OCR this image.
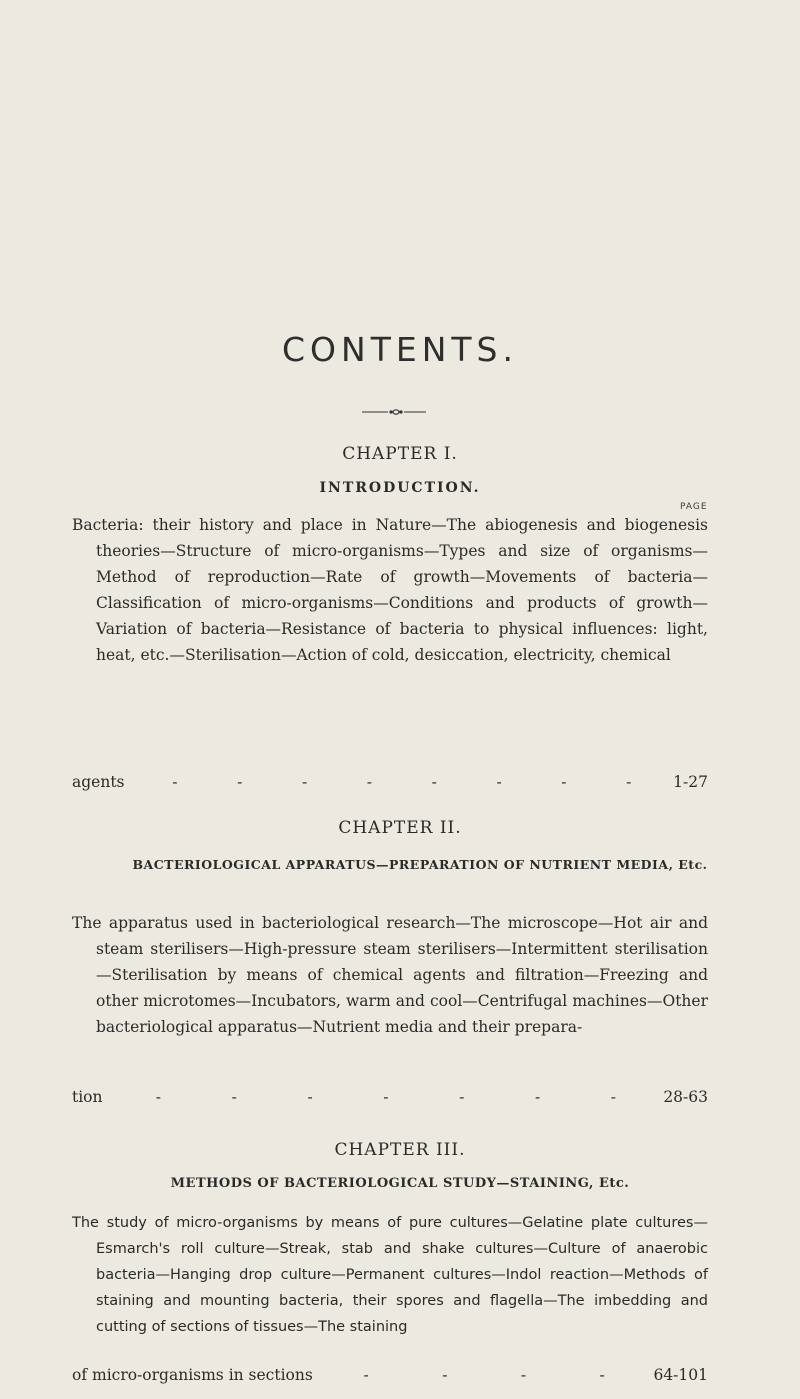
CONTENTS.
CHAPTER I.
INTRODUCTION.
PAGE
Bacteria: their history and place in Nature—The abiogenesis and biogenesis theories—Structure of micro-organisms—Types and size of organisms—Method of reproduction—Rate of growth—Movements of bacteria—Classification of micro-organisms—Conditions and products of growth—Variation of bacteria—Resistance of bacteria to physical influences: light, heat, etc.—Sterilisation—Action of cold, desiccation, electricity, chemical
agents	-	-	-	-	-	-	-	-	1-27
CHAPTER II.
BACTERIOLOGICAL APPARATUS—PREPARATION OF NUTRIENT MEDIA, Etc.
The apparatus used in bacteriological research—The microscope—Hot air and steam sterilisers—High-pressure steam sterilisers—Intermittent sterilisation—Sterilisation by means of chemical agents and filtration—Freezing and other microtomes—Incubators, warm and cool—Centrifugal machines—Other bacteriological apparatus—Nutrient media and their prepara-
tion	-	-	-	-	-	-	-	28-63
CHAPTER III.
METHODS OF BACTERIOLOGICAL STUDY—STAINING, Etc.
The study of micro-organisms by means of pure cultures—Gelatine plate cultures—Esmarch's roll culture—Streak, stab and shake cultures—Culture of anaerobic bacteria—Hanging drop culture—Permanent cultures—Indol reaction—Methods of staining and mounting bacteria, their spores and flagella—The imbedding and cutting of sections of tissues—The staining
of micro-organisms in sections	-	-	-	-	64-101
